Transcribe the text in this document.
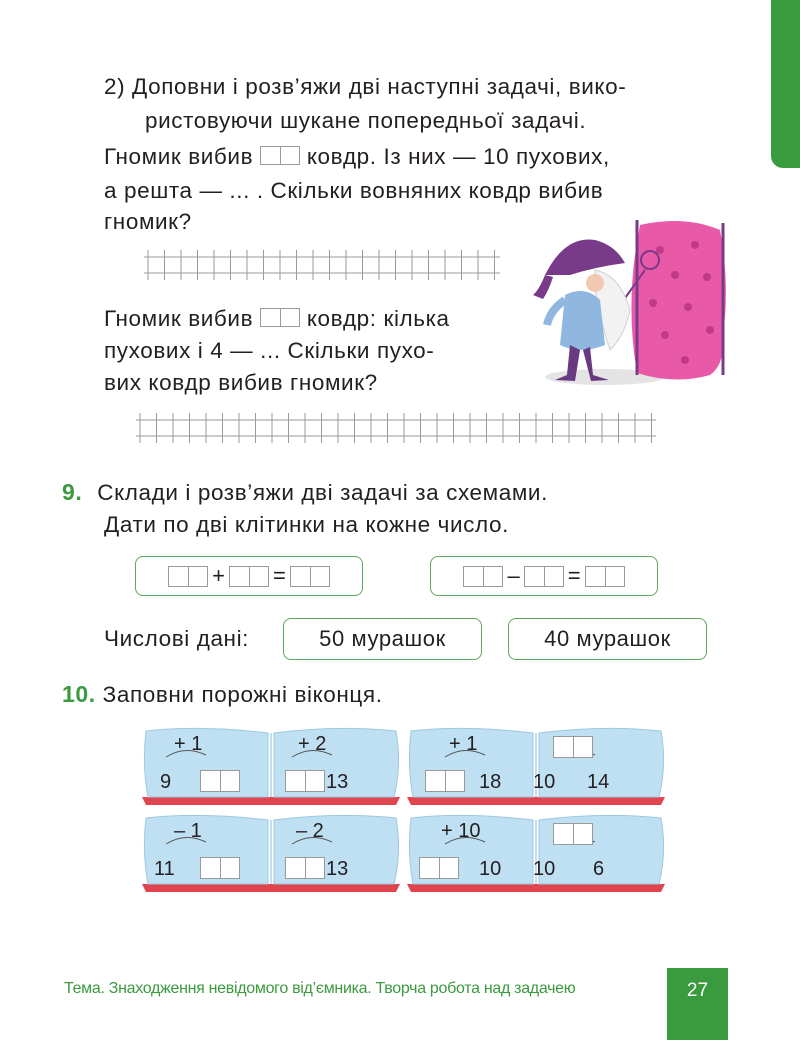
2) Доповни і розв’яжи дві наступні задачі, вико-
ристовуючи шукане попередньої задачі.
Гномик вибив ковдр. Із них — 10 пухових,
а решта — ... . Скільки вовняних ковдр вибив
гномик?
Гномик вибив ковдр: кілька
пухових і 4 — ... Скільки пухо-
вих ковдр вибив гномик?
9. Склади і розв’яжи дві задачі за схемами.
Дати по дві клітинки на кожне число.
+ =	– =
Числові дані:	50 мурашок	40 мурашок
10. Заповни порожні віконця.
+ 1
9
+ 2
13
+ 1
18 10 14
– 1
11
– 2
13
+ 10
10 10 6
Тема. Знаходження невідомого від’ємника. Творча робота над задачею	27
